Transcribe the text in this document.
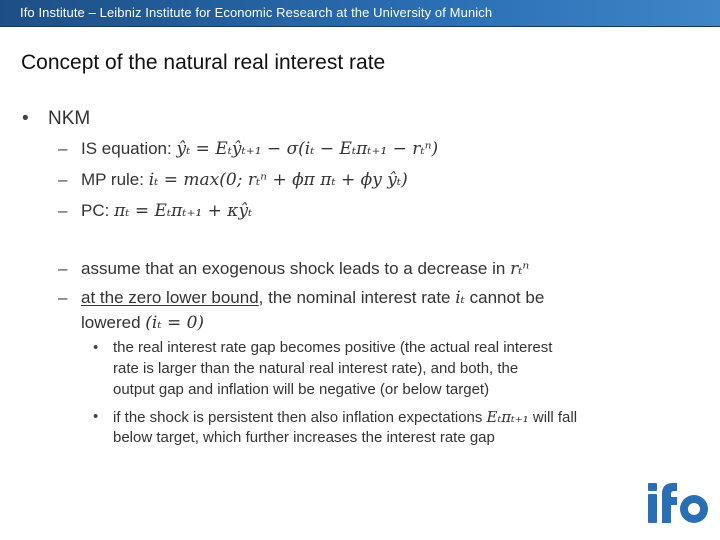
Ifo Institute – Leibniz Institute for Economic Research at the University of Munich
Concept of the natural real interest rate
• NKM
– IS equation: ŷₜ = Eₜŷₜ₊₁ − σ(iₜ − Eₜπₜ₊₁ − rₜⁿ)
– MP rule: iₜ = max(0; rₜⁿ + ϕπ πₜ + ϕy ŷₜ)
– PC: πₜ = Eₜπₜ₊₁ + κŷₜ
– assume that an exogenous shock leads to a decrease in rₜⁿ
– at the zero lower bound, the nominal interest rate iₜ cannot be
lowered (iₜ = 0)
• the real interest rate gap becomes positive (the actual real interest
rate is larger than the natural real interest rate), and both, the
output gap and inflation will be negative (or below target)
• if the shock is persistent then also inflation expectations Eₜπₜ₊₁ will fall
below target, which further increases the interest rate gap
